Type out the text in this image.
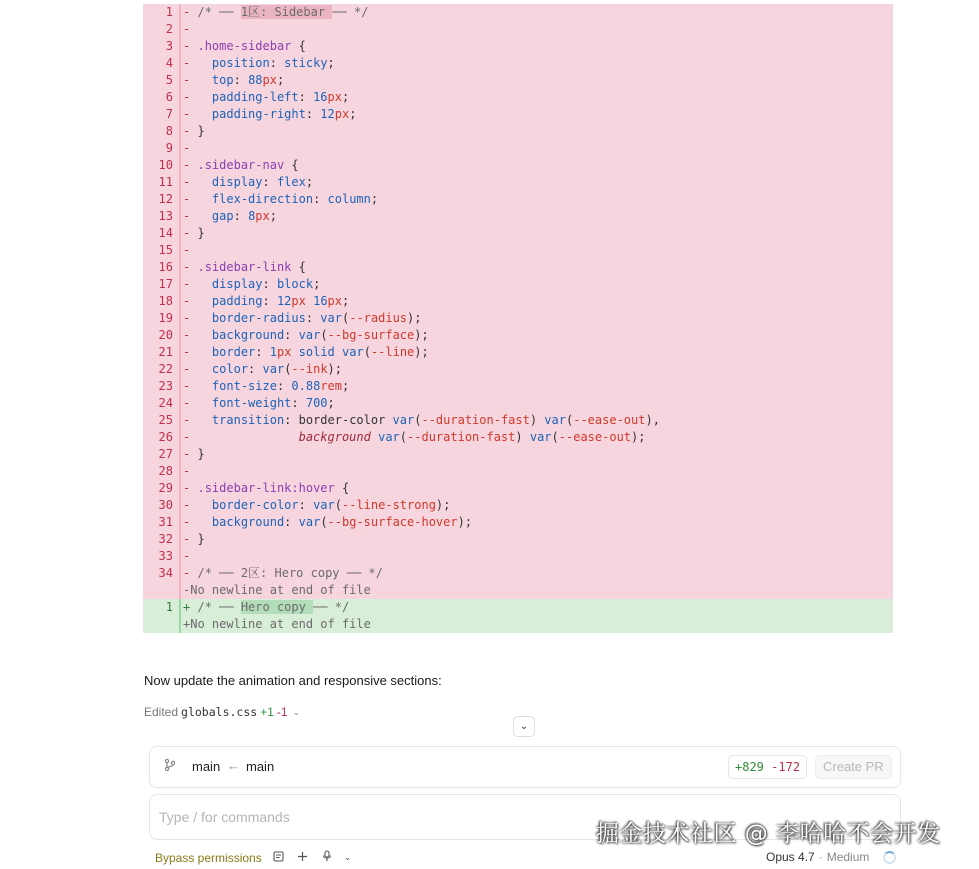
1 - /* ── 1区: Sidebar ── */
2 -
3 - .home-sidebar {
4 - position: sticky;
5 - top: 88px;
6 - padding-left: 16px;
7 - padding-right: 12px;
8 - }
9 -
10 - .sidebar-nav {
11 - display: flex;
12 - flex-direction: column;
13 - gap: 8px;
14 - }
15 -
16 - .sidebar-link {
17 - display: block;
18 - padding: 12px 16px;
19 - border-radius: var(--radius);
20 - background: var(--bg-surface);
21 - border: 1px solid var(--line);
22 - color: var(--ink);
23 - font-size: 0.88rem;
24 - font-weight: 700;
25 - transition: border-color var(--duration-fast) var(--ease-out),
26 -	background var(--duration-fast) var(--ease-out);
27 - }
28 -
29 - .sidebar-link:hover {
30 - border-color: var(--line-strong);
31 - background: var(--bg-surface-hover);
32 - }
33 -
34 - /* ── 2区: Hero copy ── */
-No newline at end of file
1 + /* ── Hero copy ── */
+No newline at end of file
Now update the animation and responsive sections:
Edited globals.css +1 -1 ⌄
⌄
main ← main	+829 -172	Create PR
Type / for commands
Bypass permissions	⌄	Opus 4.7 · Medium
掘金技术社区 @ 李哈哈不会开发
